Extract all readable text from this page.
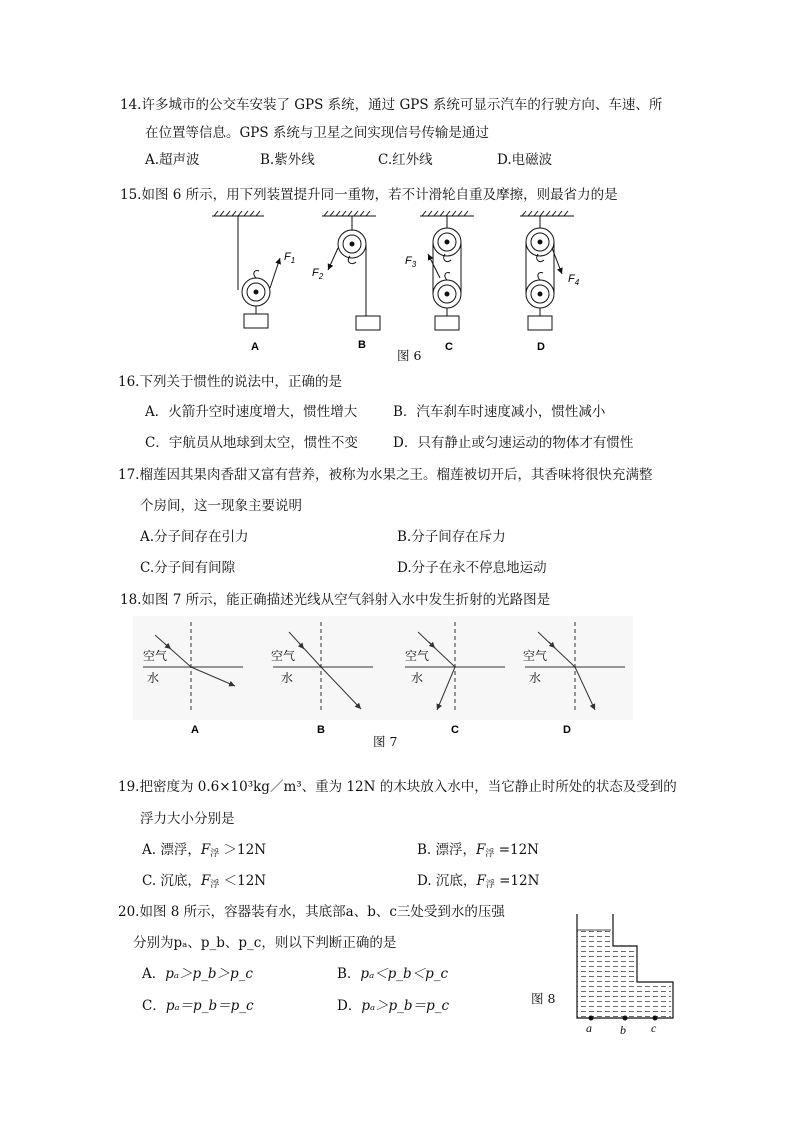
14.许多城市的公交车安装了 GPS 系统，通过 GPS 系统可显示汽车的行驶方向、车速、所
在位置等信息。GPS 系统与卫星之间实现信号传输是通过
A.超声波	B.紫外线	C.红外线	D.电磁波
15.如图 6 所示，用下列装置提升同一重物，若不计滑轮自重及摩擦，则最省力的是
$F_1$
$F_2$
$F_3$
$F_4$
A	B	C	D
图 6
16.下列关于惯性的说法中，正确的是
A．火箭升空时速度增大，惯性增大	B．汽车刹车时速度减小，惯性减小
C．宇航员从地球到太空，惯性不变	D．只有静止或匀速运动的物体才有惯性
17.榴莲因其果肉香甜又富有营养，被称为水果之王。榴莲被切开后，其香味将很快充满整
个房间，这一现象主要说明
A.分子间存在引力	B.分子间存在斥力
C.分子间有间隙	D.分子在永不停息地运动
18.如图 7 所示，能正确描述光线从空气斜射入水中发生折射的光路图是
空气
水
空气
水
空气
水
空气
水
A	B	C	D
图 7
19.把密度为 0.6×10³kg／m³、重为 12N 的木块放入水中，当它静止时所处的状态及受到的
浮力大小分别是
A. 漂浮，$F_浮 >12N$	B. 漂浮，$F_浮 =12N$
C. 沉底，$F_浮 <12N$	D. 沉底，$F_浮 =12N$
20.如图 8 所示，容器装有水，其底部a、b、c三处受到水的压强
分别为pₐ、p_b、p_c，则以下判断正确的是
A．pₐ＞p_b＞p_c	B．pₐ＜p_b＜p_c
C．pₐ＝p_b＝p_c	D．pₐ＞p_b＝p_c	图 8
a b c
